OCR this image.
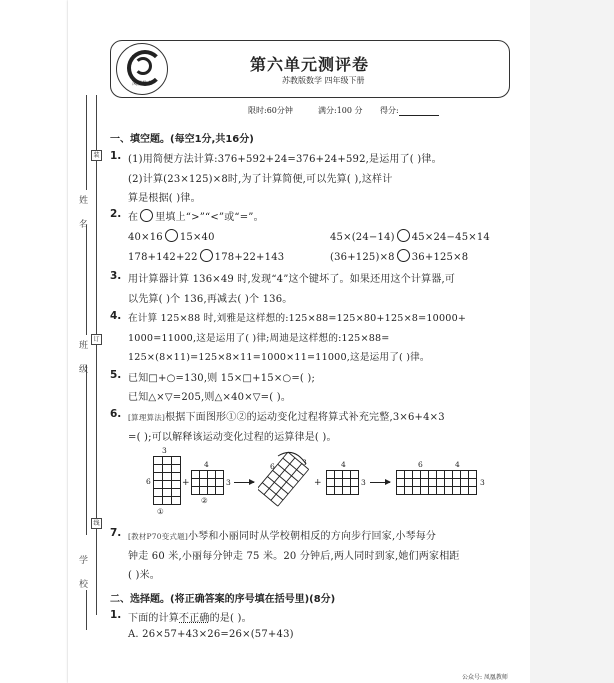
姓 名
班 级
学 校
装
订
线
凤凰教书
第六单元测评卷
苏教版数学 四年级下册
限时:60分钟	满分:100 分 得分:
一、填空题。(每空1分,共16分)
1. (1)用简便方法计算:376+592+24=376+24+592,是运用了( )律。
(2)计算(23×125)×8时,为了计算简便,可以先算( ),这样计
算是根据( )律。
2. 在 里填上“>”“<”或“=”。
40×16 15×40	45×(24−14) 45×24−45×14
178+142+22 178+22+143	(36+125)×8 36+125×8
3. 用计算器计算 136×49 时,发现“4”这个键坏了。如果还用这个计算器,可
以先算( )个 136,再减去( )个 136。
4. 在计算 125×88 时,刘雅是这样想的:125×88=125×80+125×8=10000+
1000=11000,这是运用了( )律;周迪是这样想的:125×88=
125×(8×11)=125×8×11=1000×11=11000,这是运用了( )律。
5. 已知□+○=130,则 15×□+15×○=( );
已知△×▽=205,则△×40×▽=( )。
6. [算理算法]根据下面图形①②的运动变化过程将算式补充完整,3×6+4×3
=( );可以解释该运动变化过程的运算律是( )。
3
6
①
+
4
3
②
6	3
+
4
3
6	4
3
7. [教材P70变式题]小琴和小丽同时从学校朝相反的方向步行回家,小琴每分
钟走 60 米,小丽每分钟走 75 米。20 分钟后,两人同时到家,她们两家相距
( )米。
二、选择题。(将正确答案的序号填在括号里)(8分)
1. 下面的计算不正确的是( )。
A. 26×57+43×26=26×(57+43)
公众号: 凤凰教师
